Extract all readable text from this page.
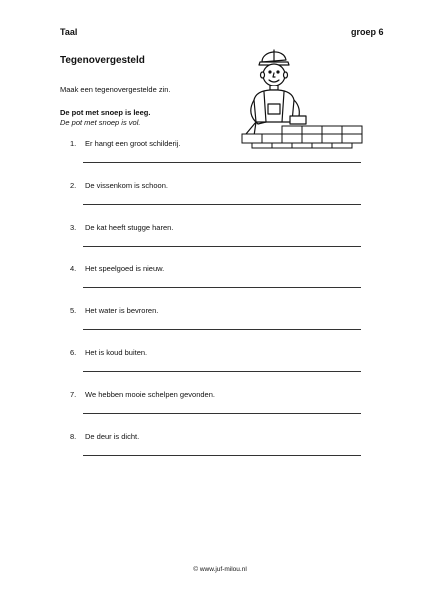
Taal	groep 6
Tegenovergesteld
Maak een tegenovergestelde zin.
De pot met snoep is leeg.
De pot met snoep is vol.
1. Er hangt een groot schilderij.
2. De vissenkom is schoon.
3. De kat heeft stugge haren.
4. Het speelgoed is nieuw.
5. Het water is bevroren.
6. Het is koud buiten.
7. We hebben mooie schelpen gevonden.
8. De deur is dicht.
© www.juf-milou.nl
